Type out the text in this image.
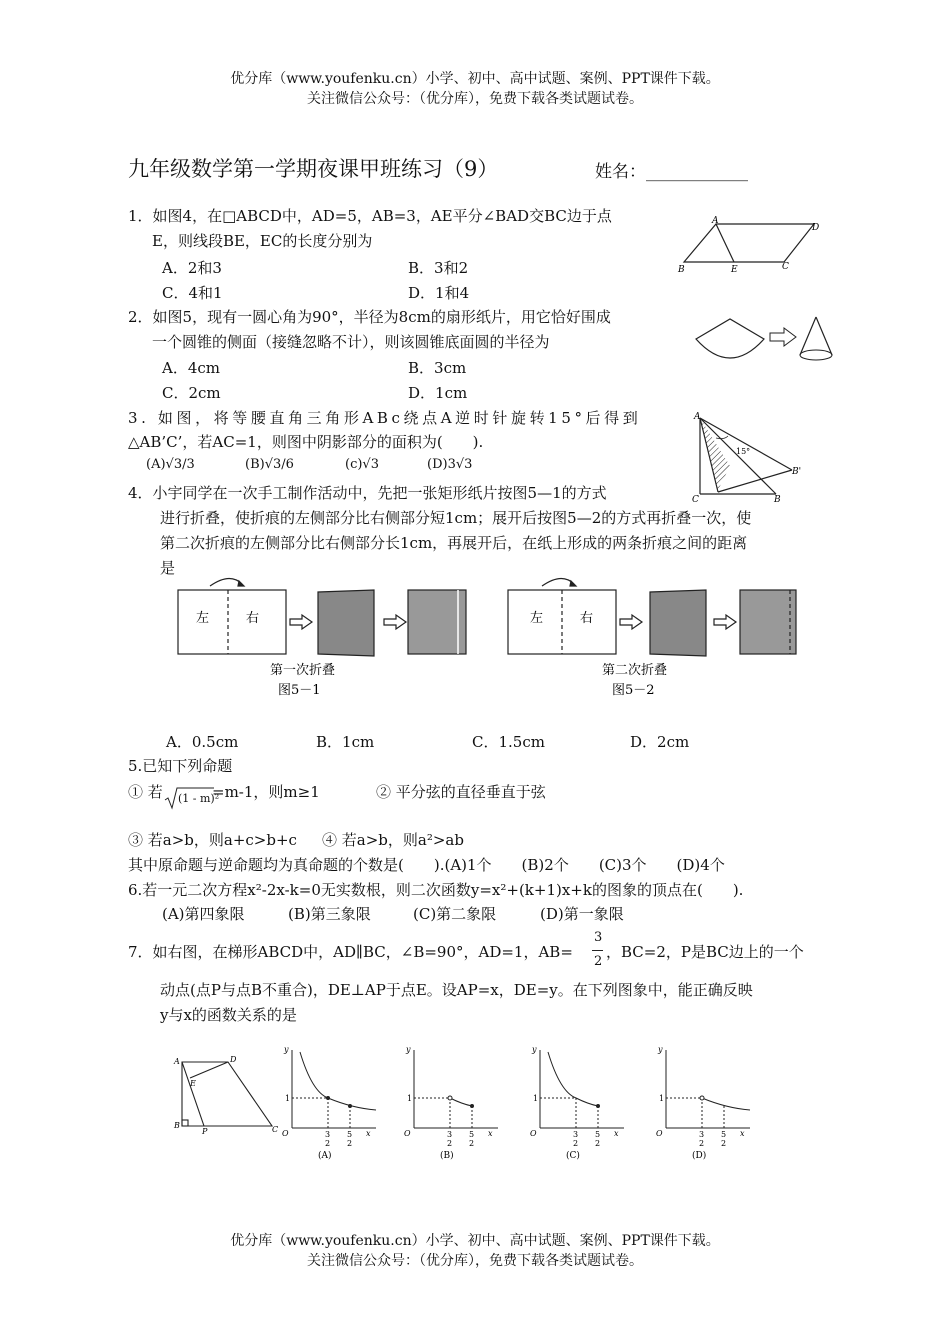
优分库（www.youfenku.cn）小学、初中、高中试题、案例、PPT课件下载。
关注微信公众号：（优分库），免费下载各类试题试卷。
九年级数学第一学期夜课甲班练习（9）	姓名：____________
1．如图4，在□ABCD中，AD=5，AB=3，AE平分∠BAD交BC边于点
E，则线段BE，EC的长度分别为
A．2和3	B．3和2
C．4和1	D．1和4
A
D
B	E	C
2．如图5，现有一圆心角为90°，半径为8cm的扇形纸片，用它恰好围成
一个圆锥的侧面（接缝忽略不计），则该圆锥底面圆的半径为
A．4cm	B．3cm
C．2cm	D．1cm
3. 如图，将等腰直角三角形ABc绕点A逆时针旋转15°后得到
△AB’C’，若AC=1，则图中阴影部分的面积为(　　).
(A)√3/3	(B)√3/6	(c)√3	(D)3√3
A
15°
B'
C	B
4．小宇同学在一次手工制作活动中，先把一张矩形纸片按图5—1的方式
进行折叠，使折痕的左侧部分比右侧部分短1cm；展开后按图5—2的方式再折叠一次，使
第二次折痕的左侧部分比右侧部分长1cm，再展开后，在纸上形成的两条折痕之间的距离
是
左	右	左	右
第一次折叠
图5－1
第二次折叠
图5－2
A．0.5cm	B．1cm	C．1.5cm	D．2cm
5.已知下列命题
① 若 (1 - m)²
=m-1，则m≥1	② 平分弦的直径垂直于弦
③ 若a>b，则a+c>b+c ④ 若a>b，则a²>ab
其中原命题与逆命题均为真命题的个数是(　　).(A)1个　　(B)2个　　(C)3个　　(D)4个
6.若一元二次方程x²-2x-k=0无实数根，则二次函数y=x²+(k+1)x+k的图象的顶点在(　　).
(A)第四象限	(B)第三象限	(C)第二象限	(D)第一象限
7．如右图，在梯形ABCD中，AD∥BC，∠B=90°，AD=1，AB=
3
2
，BC=2，P是BC边上的一个
动点(点P与点B不重合)，DE⊥AP于点E。设AP=x，DE=y。在下列图象中，能正确反映
y与x的函数关系的是
A	D
E
B
P	C
y
x
O
1
3
2
5
2
(A)
y
x
O
1
3
2
5
2
(B)
y
x
O
1
3
2
5
2
(C)
y
x
O
1
3
2
5
2
(D)
优分库（www.youfenku.cn）小学、初中、高中试题、案例、PPT课件下载。
关注微信公众号：（优分库），免费下载各类试题试卷。
